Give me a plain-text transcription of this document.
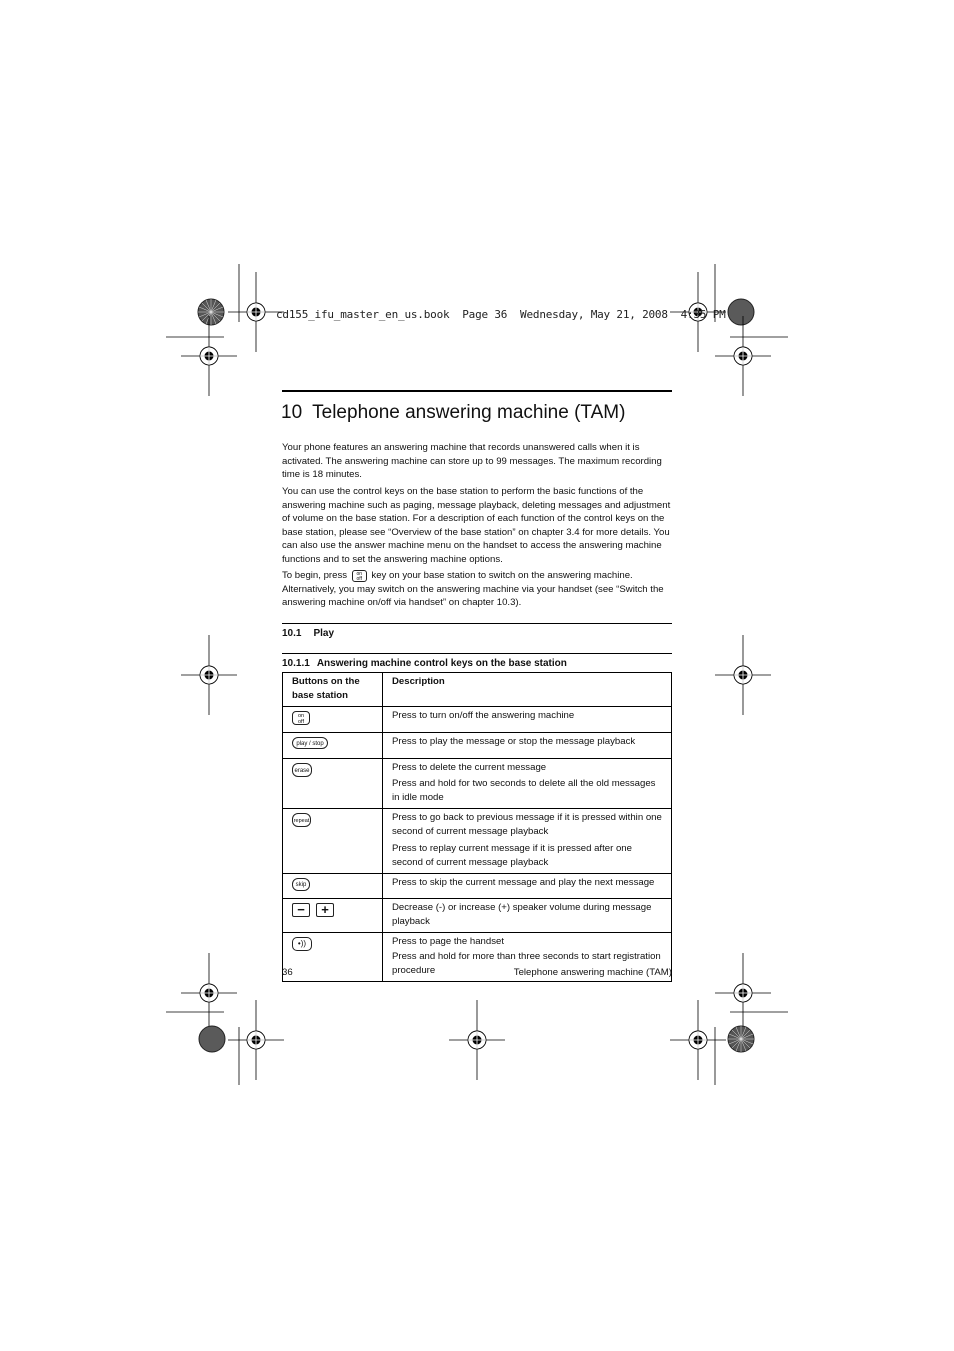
cd155_ifu_master_en_us.book  Page 36  Wednesday, May 21, 2008  4:35 PM
10 Telephone answering machine (TAM)

Your phone features an answering machine that records unanswered calls when it is activated. The answering machine can store up to 99 messages. The maximum recording time is 18 minutes.

You can use the control keys on the base station to perform the basic functions of the answering machine such as paging, message playback, deleting messages and adjustment of volume on the base station. For a description of each function of the control keys on the base station, please see “Overview of the base station” on chapter 3.4 for more details. You can also use the answer machine menu on the handset to access the answering machine functions and to set the answering machine options.

To begin, press on
off key on your base station to switch on the answering machine. Alternatively, you may switch on the answering machine via your handset (see “Switch the answering machine on/off via handset” on chapter 10.3).

10.1 Play
10.1.1 Answering machine control keys on the base station
Buttons on the base station	Description
on
off	Press to turn on/off the answering machine

play / stop	Press to play the message or stop the message playback

erase	Press to delete the current message
Press and hold for two seconds to delete all the old messages in idle mode

repeat	Press to go back to previous message if it is pressed within one second of current message playback
Press to replay current message if it is pressed after one second of current message playback

skip	Press to skip the current message and play the next message

− +	Decrease (-) or increase (+) speaker volume during message playback

•))	Press to page the handset
Press and hold for more than three seconds to start registration procedure
36	Telephone answering machine (TAM)
